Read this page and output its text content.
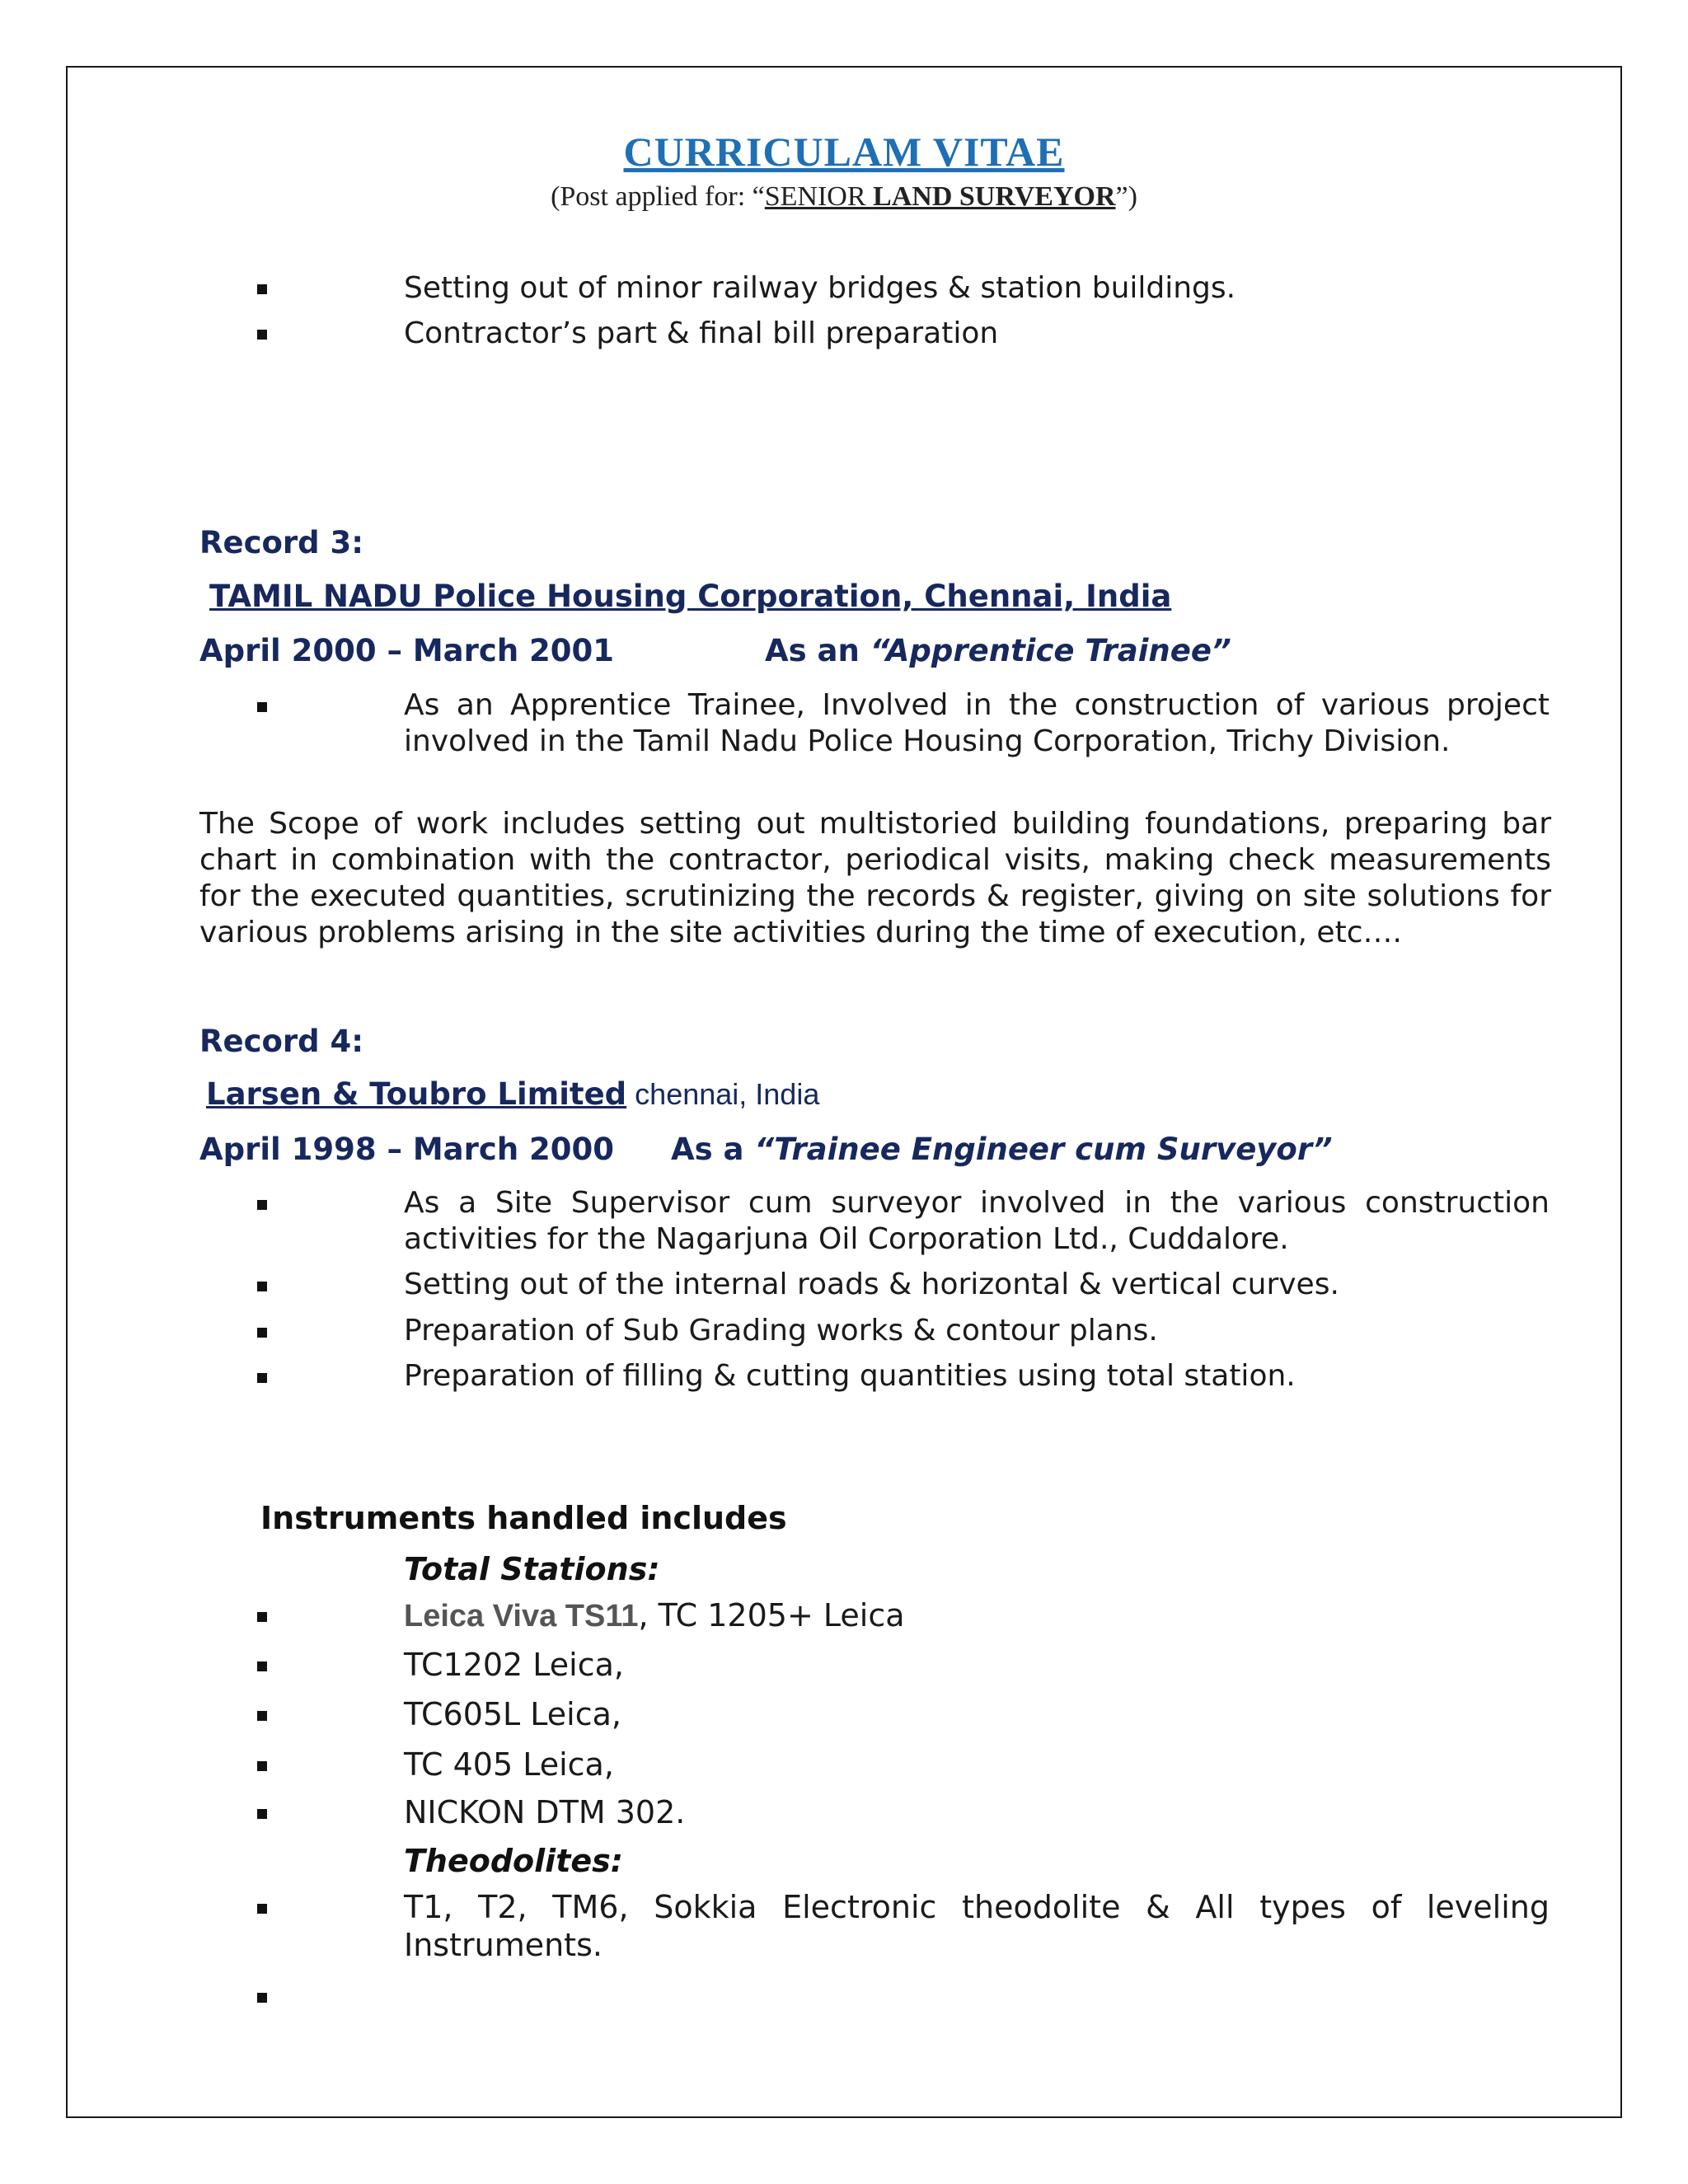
CURRICULAM VITAE
(Post applied for: “SENIOR LAND SURVEYOR”)
Setting out of minor railway bridges & station buildings.
Contractor’s part & final bill preparation
Record 3:
TAMIL NADU Police Housing Corporation, Chennai, India
April 2000 – March 2001	As an “Apprentice Trainee”
As an Apprentice Trainee, Involved in the construction of various project involved in the Tamil Nadu Police Housing Corporation, Trichy Division.
The Scope of work includes setting out multistoried building foundations, preparing bar chart in combination with the contractor, periodical visits, making check measurements for the executed quantities, scrutinizing the records & register, giving on site solutions for various problems arising in the site activities during the time of execution, etc….
Record 4:
Larsen & Toubro Limited chennai, India
April 1998 – March 2000 As a “Trainee Engineer cum Surveyor”
As a Site Supervisor cum surveyor involved in the various construction activities for the Nagarjuna Oil Corporation Ltd., Cuddalore.
Setting out of the internal roads & horizontal & vertical curves.
Preparation of Sub Grading works & contour plans.
Preparation of filling & cutting quantities using total station.
Instruments handled includes
Total Stations:
Leica Viva TS11, TC 1205+ Leica
TC1202 Leica,
TC605L Leica,
TC 405 Leica,
NICKON DTM 302.
Theodolites:
T1, T2, TM6, Sokkia Electronic theodolite & All types of leveling Instruments.
